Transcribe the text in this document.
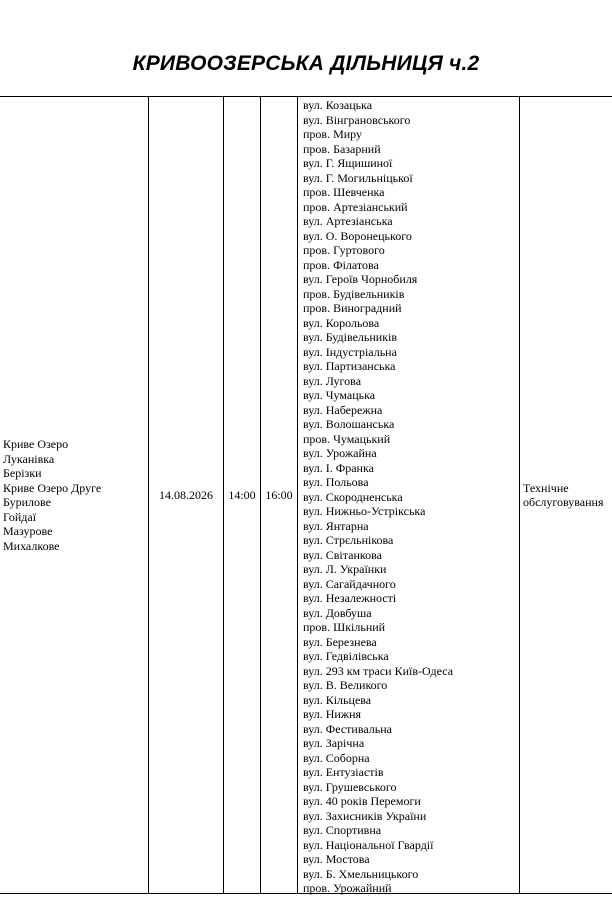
КРИВООЗЕРСЬКА ДІЛЬНИЦЯ ч.2
Криве Озеро
Луканівка
Берізки
Криве Озеро Друге
Бурилове
Гойдаї
Мазурове
Михалкове
14.08.2026 14:00 16:00
вул. Козацька
вул. Вінграновського
пров. Миру
пров. Базарний
вул. Г. Ящишиної
вул. Г. Могильніцької
пров. Шевченка
пров. Артезіанський
вул. Артезіанська
вул. О. Воронецького
пров. Гуртового
пров. Філатова
вул. Героїв Чорнобиля
пров. Будівельників
пров. Виноградний
вул. Корольова
вул. Будівельників
вул. Індустріальна
вул. Партизанська
вул. Лугова
вул. Чумацька
вул. Набережна
вул. Волошанська
пров. Чумацький
вул. Урожайна
вул. І. Франка
вул. Польова
вул. Скородненська
вул. Нижньо-Устрікська
вул. Янтарна
вул. Стрєльнікова
вул. Світанкова
вул. Л. Українки
вул. Сагайдачного
вул. Незалежності
вул. Довбуша
пров. Шкільний
вул. Березнева
вул. Гедвілівська
вул. 293 км траси Київ-Одеса
вул. В. Великого
вул. Кільцева
вул. Нижня
вул. Фестивальна
вул. Зарічна
вул. Соборна
вул. Ентузіастів
вул. Грушевського
вул. 40 років Перемоги
вул. Захисників України
вул. Спортивна
вул. Національної Гвардії
вул. Мостова
вул. Б. Хмельницького
пров. Урожайний
Технічне
обслуговування
